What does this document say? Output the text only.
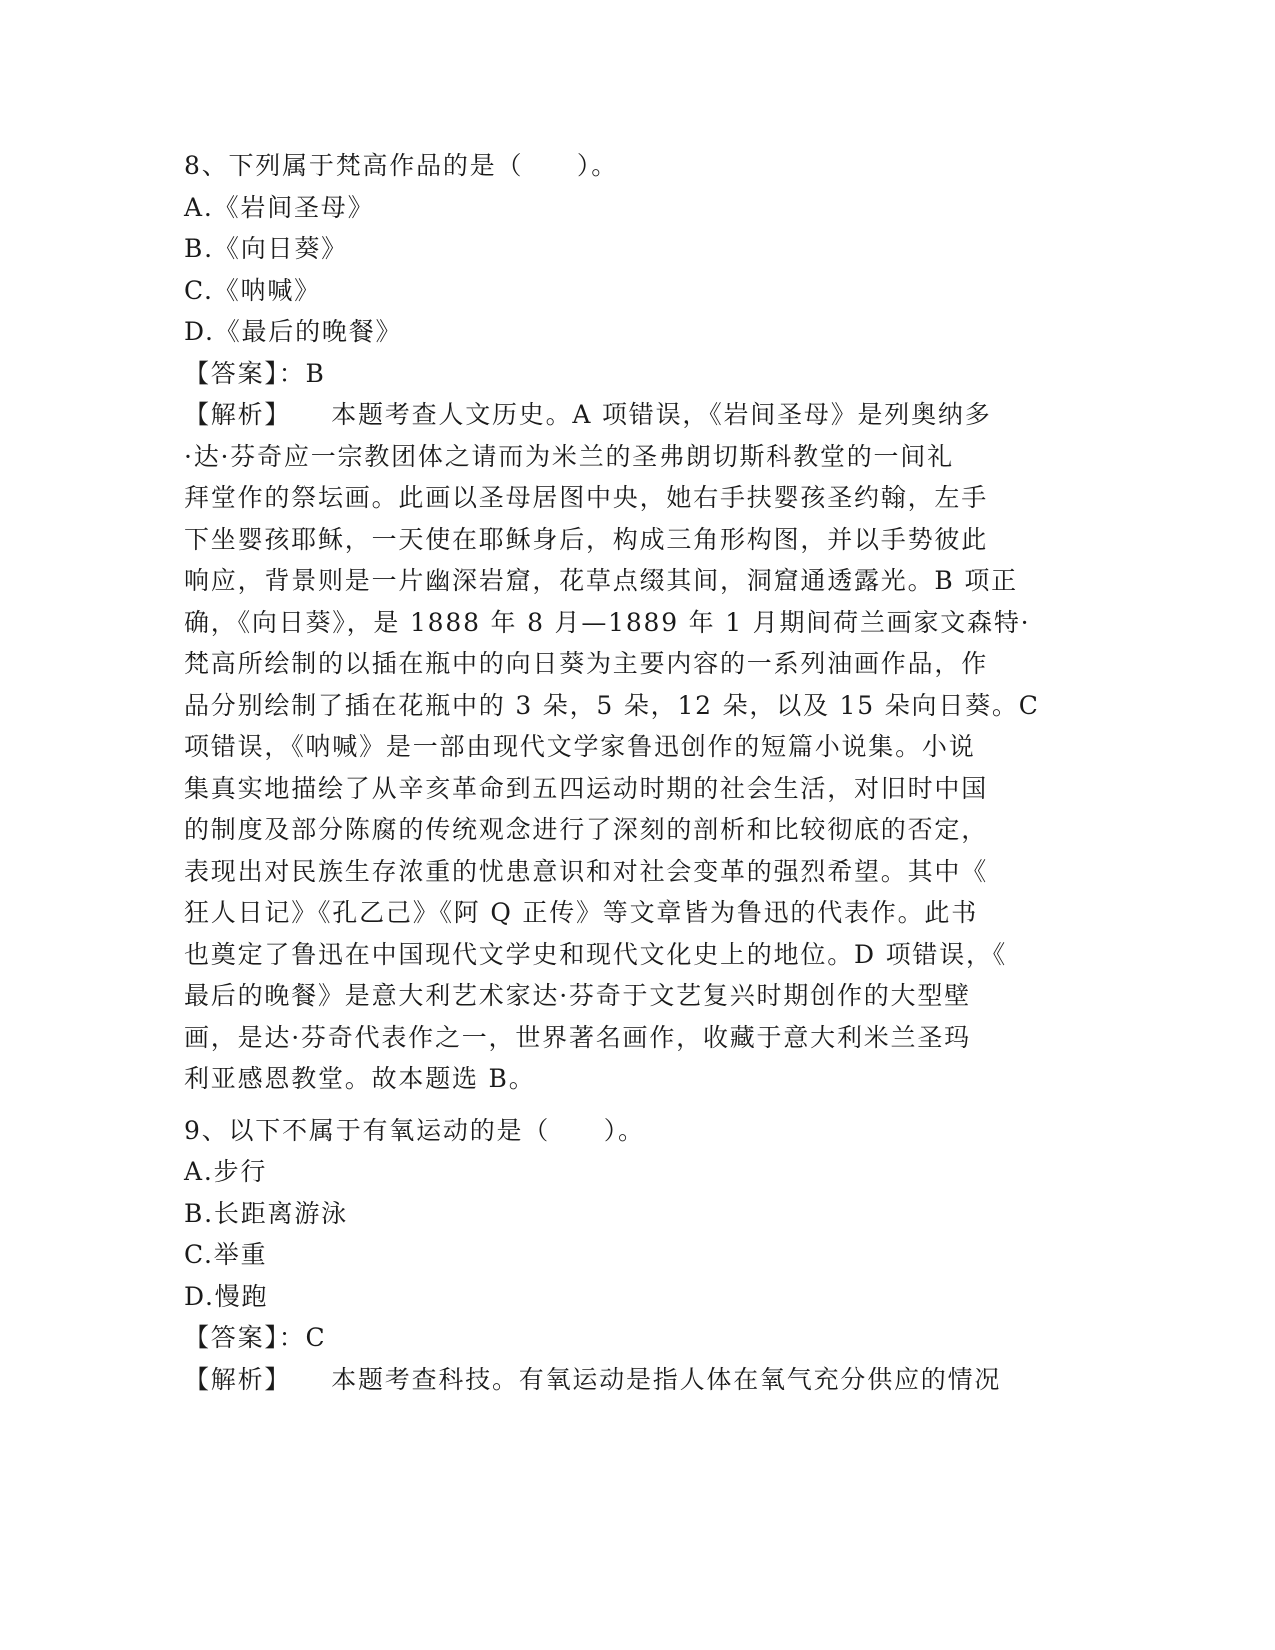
8、下列属于梵高作品的是（　　）。
A.《岩间圣母》
B.《向日葵》
C.《呐喊》
D.《最后的晚餐》
【答案】：B
【解析】 本题考查人文历史。A 项错误，《岩间圣母》是列奥纳多
·达·芬奇应一宗教团体之请而为米兰的圣弗朗切斯科教堂的一间礼
拜堂作的祭坛画。此画以圣母居图中央，她右手扶婴孩圣约翰，左手
下坐婴孩耶稣，一天使在耶稣身后，构成三角形构图，并以手势彼此
响应，背景则是一片幽深岩窟，花草点缀其间，洞窟通透露光。B 项正
确，《向日葵》，是 1888 年 8 月—1889 年 1 月期间荷兰画家文森特·
梵高所绘制的以插在瓶中的向日葵为主要内容的一系列油画作品，作
品分别绘制了插在花瓶中的 3 朵，5 朵，12 朵，以及 15 朵向日葵。C
项错误，《呐喊》是一部由现代文学家鲁迅创作的短篇小说集。小说
集真实地描绘了从辛亥革命到五四运动时期的社会生活，对旧时中国
的制度及部分陈腐的传统观念进行了深刻的剖析和比较彻底的否定，
表现出对民族生存浓重的忧患意识和对社会变革的强烈希望。其中《
狂人日记》《孔乙己》《阿 Q 正传》等文章皆为鲁迅的代表作。此书
也奠定了鲁迅在中国现代文学史和现代文化史上的地位。D 项错误，《
最后的晚餐》是意大利艺术家达·芬奇于文艺复兴时期创作的大型壁
画，是达·芬奇代表作之一，世界著名画作，收藏于意大利米兰圣玛
利亚感恩教堂。故本题选 B。
9、以下不属于有氧运动的是（　　）。
A.步行
B.长距离游泳
C.举重
D.慢跑
【答案】：C
【解析】 本题考查科技。有氧运动是指人体在氧气充分供应的情况
